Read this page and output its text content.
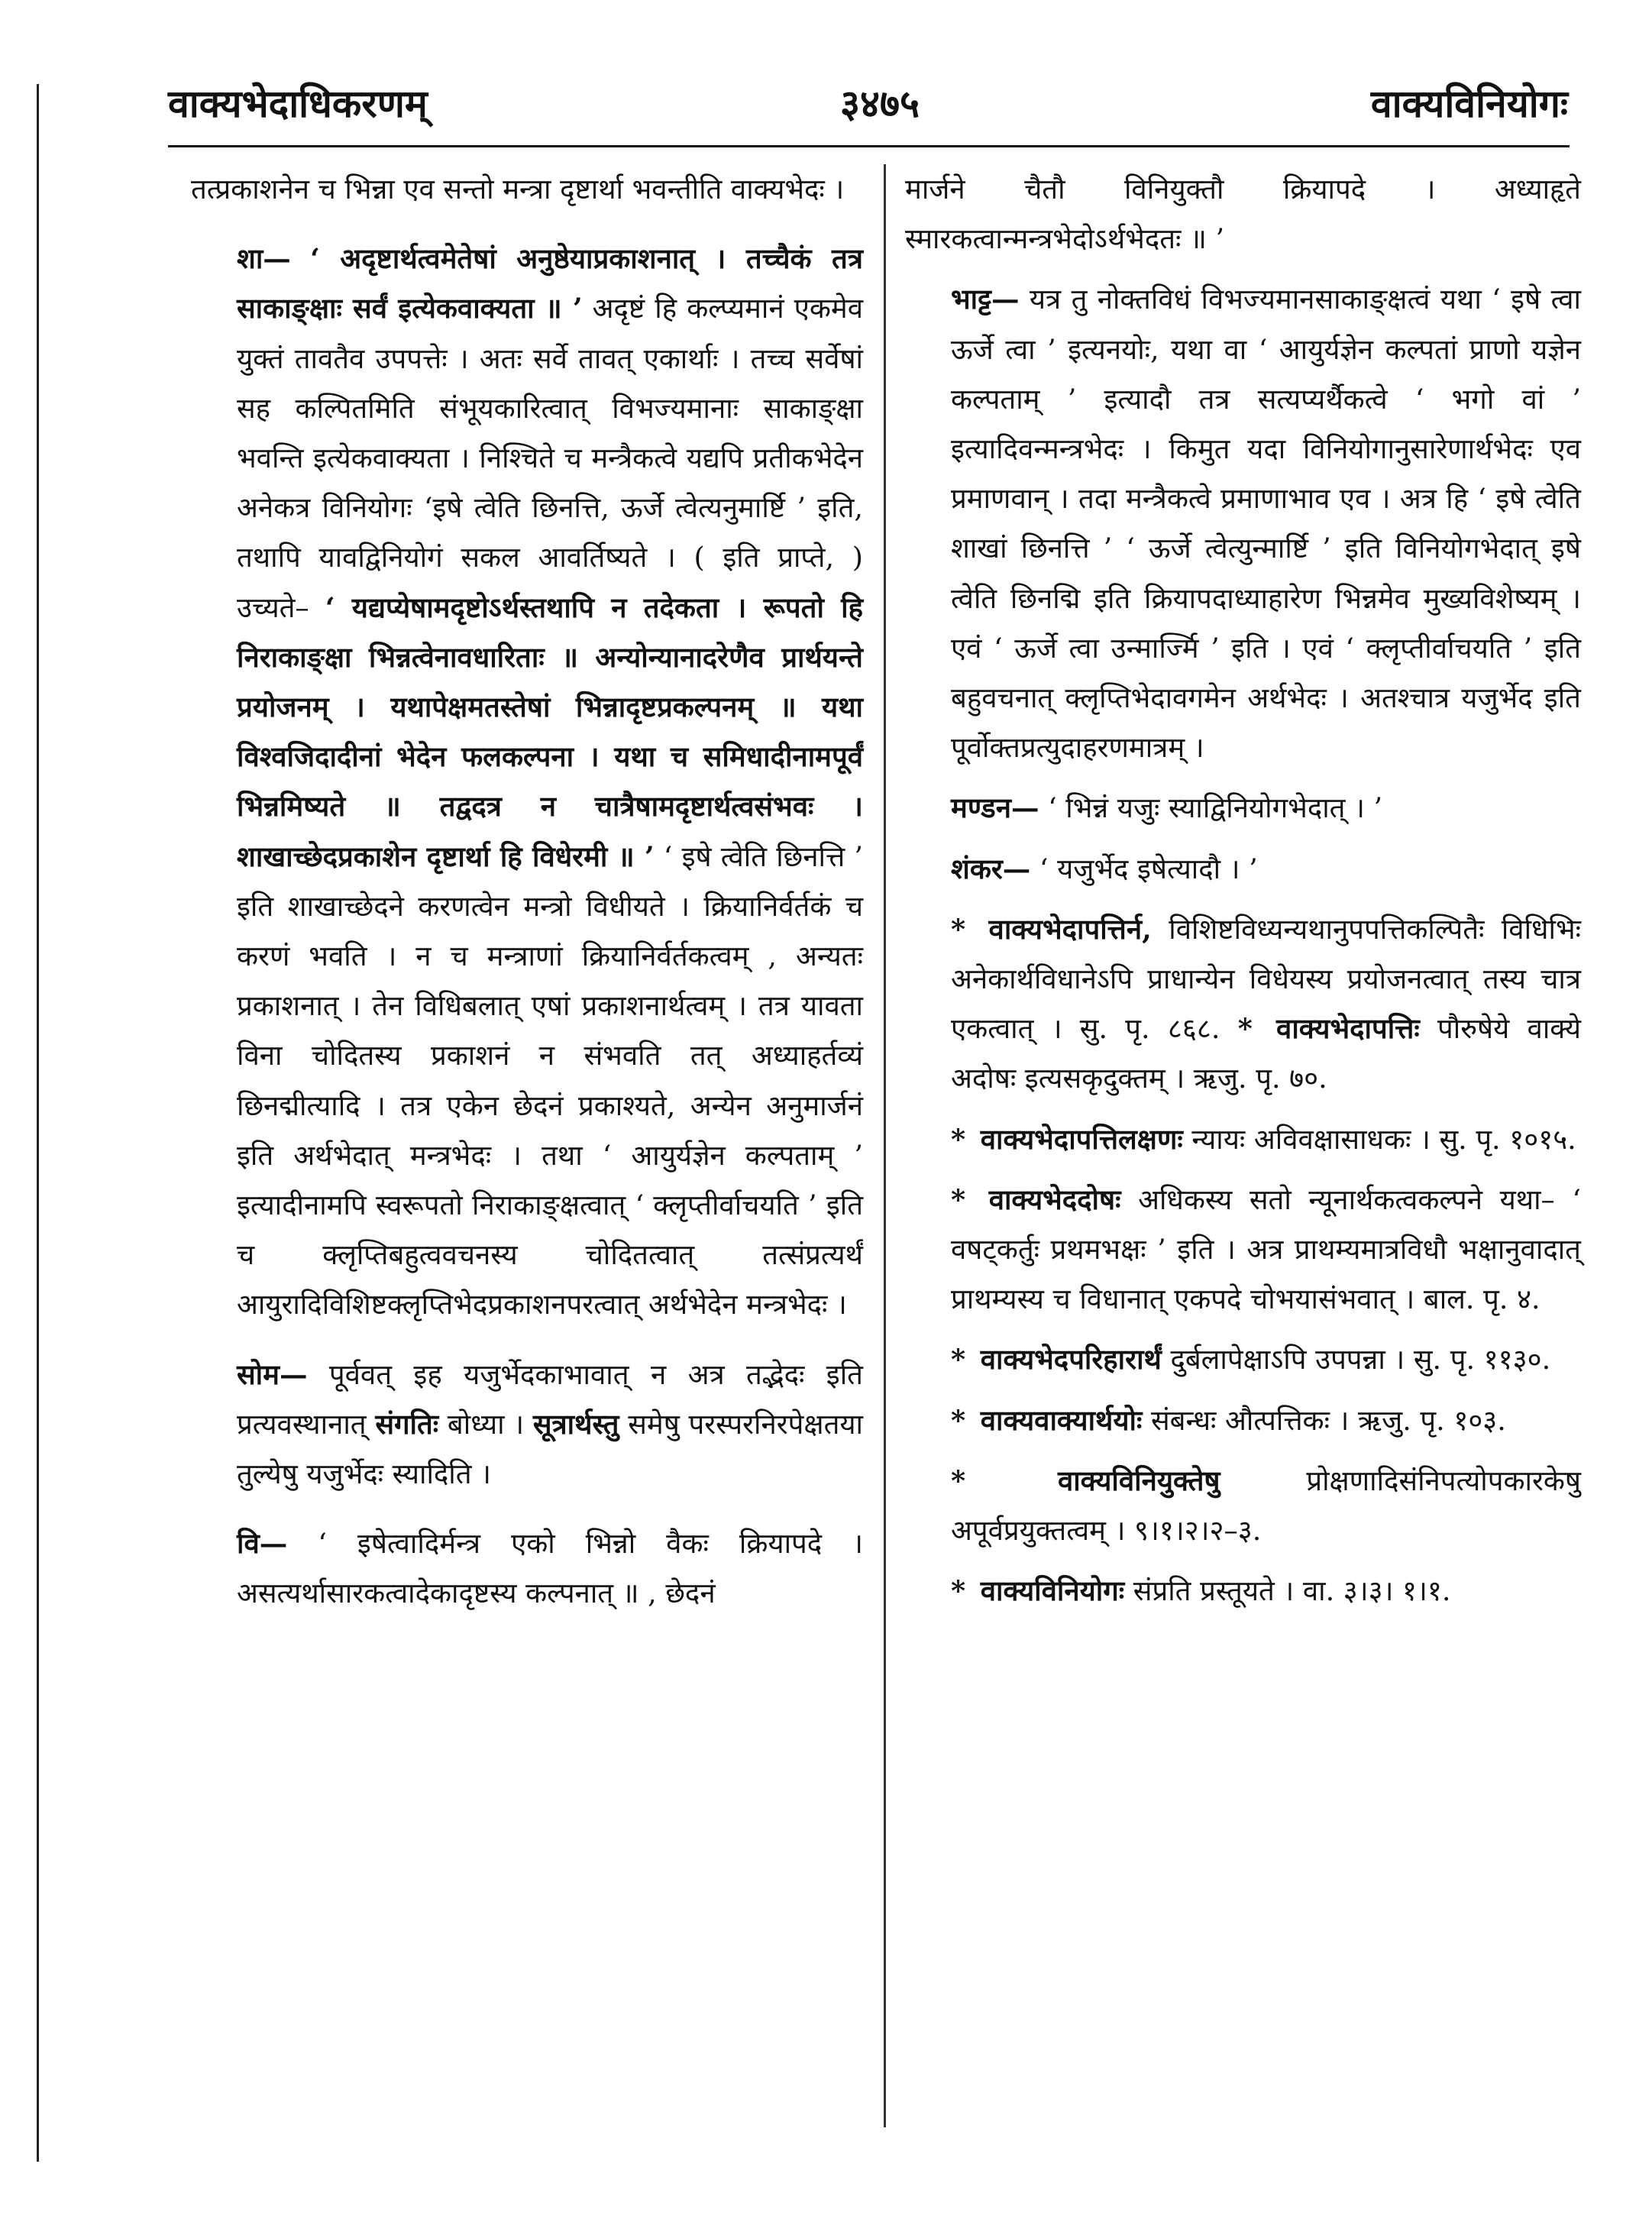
वाक्यभेदाधिकरणम्	३४७५	वाक्यविनियोगः

तत्प्रकाशनेन च भिन्ना एव सन्तो मन्त्रा दृष्टार्था भवन्तीति वाक्यभेदः ।

शा— ‘ अदृष्टार्थत्वमेतेषां अनुष्ठेयाप्रकाशनात् । तच्चैकं तत्र साकाङ्क्षाः सर्वं इत्येकवाक्यता ॥ ’ अदृष्टं हि कल्प्यमानं एकमेव युक्तं तावतैव उपपत्तेः । अतः सर्वे तावत् एकार्थाः । तच्च सर्वेषां सह कल्पितमिति संभूयकारित्वात् विभज्यमानाः साकाङ्क्षा भवन्ति इत्येकवाक्यता । निश्चिते च मन्त्रैकत्वे यद्यपि प्रतीकभेदेन अनेकत्र विनियोगः ‘इषे त्वेति छिनत्ति, ऊर्जे त्वेत्यनुमार्ष्टि ’ इति, तथापि यावद्विनियोगं सकल आवर्तिष्यते । ( इति प्राप्ते, ) उच्यते– ‘ यद्यप्येषामदृष्टोऽर्थस्तथापि न तदेकता । रूपतो हि निराकाङ्क्षा भिन्नत्वेनावधारिताः ॥ अन्योन्यानादरेणैव प्रार्थयन्ते प्रयोजनम् । यथापेक्षमतस्तेषां भिन्नादृष्टप्रकल्पनम् ॥ यथा विश्वजिदादीनां भेदेन फलकल्पना । यथा च समिधादीनामपूर्वं भिन्नमिष्यते ॥ तद्वदत्र न चात्रैषामदृष्टार्थत्वसंभवः । शाखाच्छेदप्रकाशेन दृष्टार्था हि विधेरमी ॥ ’ ‘ इषे त्वेति छिनत्ति ’ इति शाखाच्छेदने करणत्वेन मन्त्रो विधीयते । क्रियानिर्वर्तकं च करणं भवति । न च मन्त्राणां क्रियानिर्वर्तकत्वम् , अन्यतः प्रकाशनात् । तेन विधिबलात् एषां प्रकाशनार्थत्वम् । तत्र यावता विना चोदितस्य प्रकाशनं न संभवति तत् अध्याहर्तव्यं छिनद्मीत्यादि । तत्र एकेन छेदनं प्रकाश्यते, अन्येन अनुमार्जनं इति अर्थभेदात् मन्त्रभेदः । तथा ‘ आयुर्यज्ञेन कल्पताम् ’ इत्यादीनामपि स्वरूपतो निराकाङ्क्षत्वात् ‘ क्लृप्तीर्वाचयति ’ इति च क्लृप्तिबहुत्ववचनस्य चोदितत्वात् तत्संप्रत्यर्थं आयुरादिविशिष्टक्लृप्तिभेदप्रकाशनपरत्वात् अर्थभेदेन मन्त्रभेदः ।

सोम— पूर्ववत् इह यजुर्भेदकाभावात् न अत्र तद्भेदः इति प्रत्यवस्थानात् संगतिः बोध्या । सूत्रार्थस्तु समेषु परस्परनिरपेक्षतया तुल्येषु यजुर्भेदः स्यादिति ।

वि— ‘ इषेत्वादिर्मन्त्र एको भिन्नो वैकः क्रियापदे । असत्यर्थासारकत्वादेकादृष्टस्य कल्पनात् ॥ , छेदनं

मार्जने चैतौ विनियुक्तौ क्रियापदे । अध्याहृते स्मारकत्वान्मन्त्रभेदोऽर्थभेदतः ॥ ’

भाट्ट— यत्र तु नोक्तविधं विभज्यमानसाकाङ्क्षत्वं यथा ‘ इषे त्वा ऊर्जे त्वा ’ इत्यनयोः, यथा वा ‘ आयुर्यज्ञेन कल्पतां प्राणो यज्ञेन कल्पताम् ’ इत्यादौ तत्र सत्यप्यर्थैकत्वे ‘ भगो वां ’ इत्यादिवन्मन्त्रभेदः । किमुत यदा विनियोगानुसारेणार्थभेदः एव प्रमाणवान् । तदा मन्त्रैकत्वे प्रमाणाभाव एव । अत्र हि ‘ इषे त्वेति शाखां छिनत्ति ’ ‘ ऊर्जे त्वेत्युन्मार्ष्टि ’ इति विनियोगभेदात् इषे त्वेति छिनद्मि इति क्रियापदाध्याहारेण भिन्नमेव मुख्यविशेष्यम् । एवं ‘ ऊर्जे त्वा उन्मार्ज्मि ’ इति । एवं ‘ क्लृप्तीर्वाचयति ’ इति बहुवचनात् क्लृप्तिभेदावगमेन अर्थभेदः । अतश्चात्र यजुर्भेद इति पूर्वोक्तप्रत्युदाहरणमात्रम् ।

मण्डन— ‘ भिन्नं यजुः स्याद्विनियोगभेदात् । ’

शंकर— ‘ यजुर्भेद इषेत्यादौ । ’

* वाक्यभेदापत्तिर्न, विशिष्टविध्यन्यथानुपपत्तिकल्पितैः विधिभिः अनेकार्थविधानेऽपि प्राधान्येन विधेयस्य प्रयोजनत्वात् तस्य चात्र एकत्वात् । सु. पृ. ८६८. * वाक्यभेदापत्तिः पौरुषेये वाक्ये अदोषः इत्यसकृदुक्तम् । ऋजु. पृ. ७०.

* वाक्यभेदापत्तिलक्षणः न्यायः अविवक्षासाधकः । सु. पृ. १०१५.

* वाक्यभेददोषः अधिकस्य सतो न्यूनार्थकत्वकल्पने यथा– ‘ वषट्कर्तुः प्रथमभक्षः ’ इति । अत्र प्राथम्यमात्रविधौ भक्षानुवादात् प्राथम्यस्य च विधानात् एकपदे चोभयासंभवात् । बाल. पृ. ४.

* वाक्यभेदपरिहारार्थं दुर्बलापेक्षाऽपि उपपन्ना । सु. पृ. ११३०.

* वाक्यवाक्यार्थयोः संबन्धः औत्पत्तिकः । ऋजु. पृ. १०३.

*	वाक्यविनियुक्तेषु	प्रोक्षणादिसंनिपत्योपकारकेषु अपूर्वप्रयुक्तत्वम् । ९।१।२।२–३.

* वाक्यविनियोगः संप्रति प्रस्तूयते । वा. ३।३। १।१.
